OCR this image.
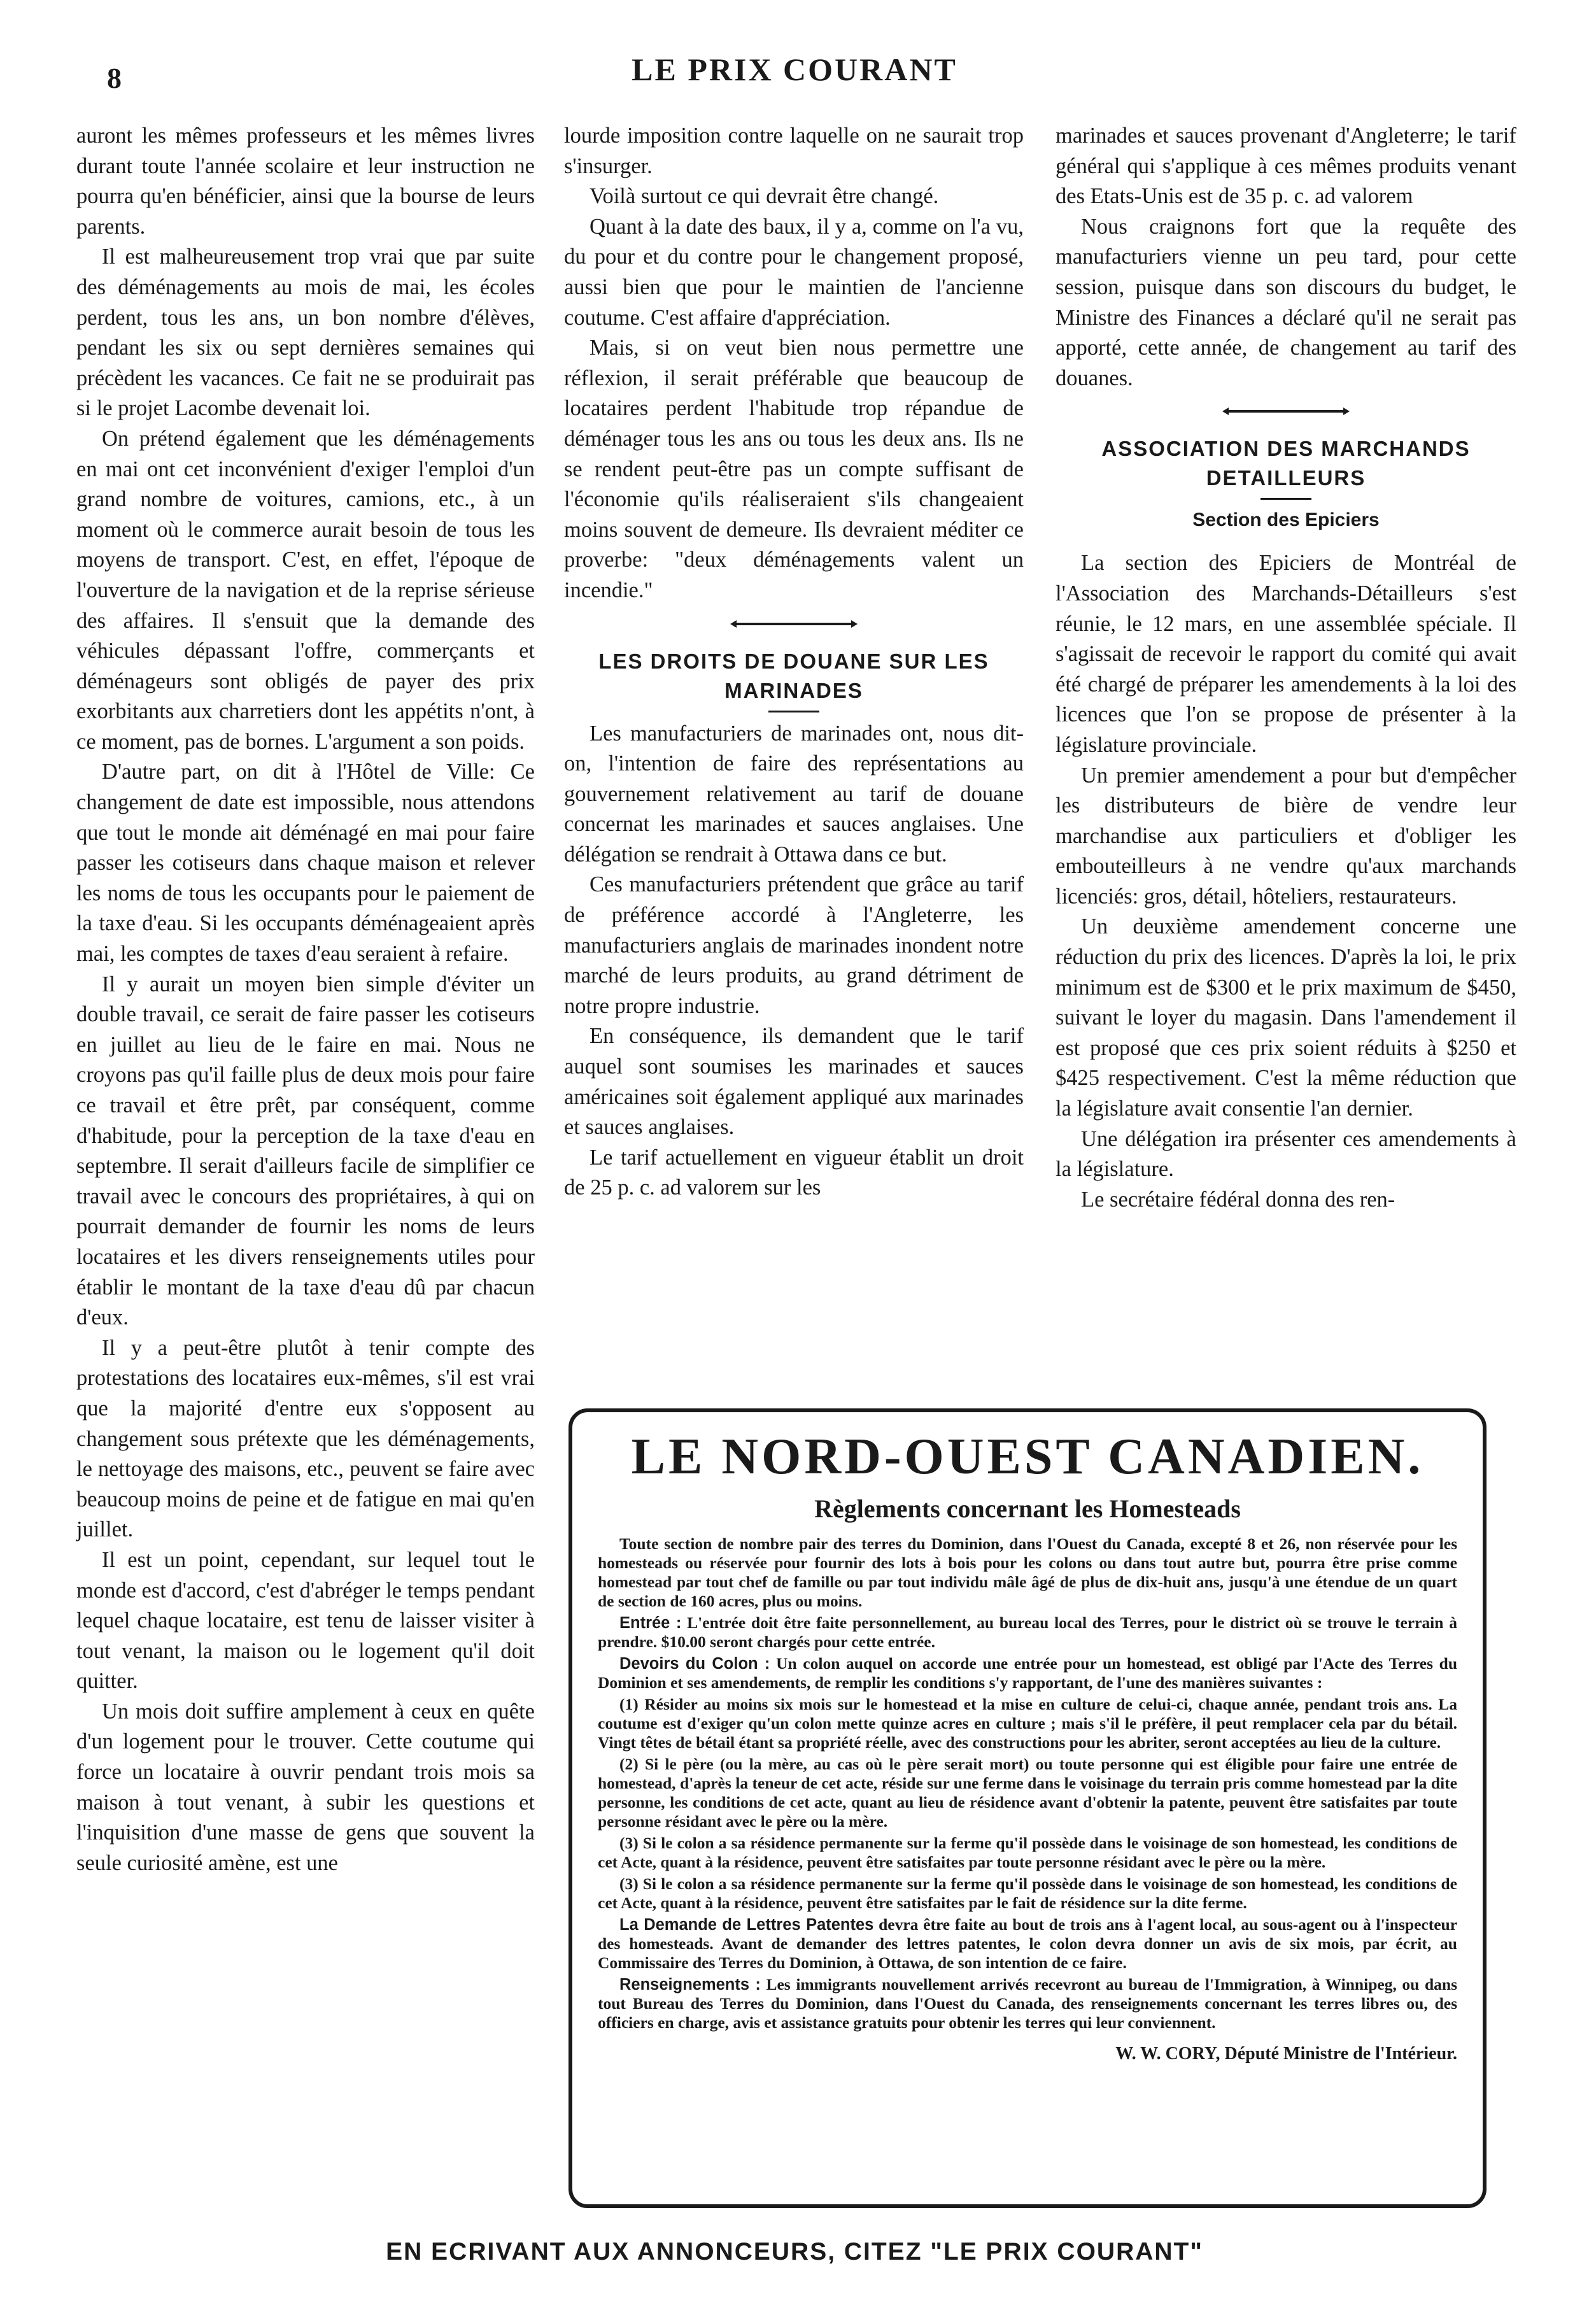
8	LE PRIX COURANT

auront les mêmes professeurs et les mêmes livres durant toute l'année scolaire et leur instruction ne pourra qu'en bénéficier, ainsi que la bourse de leurs parents.

Il est malheureusement trop vrai que par suite des déménagements au mois de mai, les écoles perdent, tous les ans, un bon nombre d'élèves, pendant les six ou sept dernières semaines qui précèdent les vacances. Ce fait ne se produirait pas si le projet Lacombe devenait loi.

On prétend également que les déménagements en mai ont cet inconvénient d'exiger l'emploi d'un grand nombre de voitures, camions, etc., à un moment où le commerce aurait besoin de tous les moyens de transport. C'est, en effet, l'époque de l'ouverture de la navigation et de la reprise sérieuse des affaires. Il s'ensuit que la demande des véhicules dépassant l'offre, commerçants et déménageurs sont obligés de payer des prix exorbitants aux charretiers dont les appétits n'ont, à ce moment, pas de bornes. L'argument a son poids.

D'autre part, on dit à l'Hôtel de Ville: Ce changement de date est impossible, nous attendons que tout le monde ait déménagé en mai pour faire passer les cotiseurs dans chaque maison et relever les noms de tous les occupants pour le paiement de la taxe d'eau. Si les occupants déménageaient après mai, les comptes de taxes d'eau seraient à refaire.

Il y aurait un moyen bien simple d'éviter un double travail, ce serait de faire passer les cotiseurs en juillet au lieu de le faire en mai. Nous ne croyons pas qu'il faille plus de deux mois pour faire ce travail et être prêt, par conséquent, comme d'habitude, pour la perception de la taxe d'eau en septembre. Il serait d'ailleurs facile de simplifier ce travail avec le concours des propriétaires, à qui on pourrait demander de fournir les noms de leurs locataires et les divers renseignements utiles pour établir le montant de la taxe d'eau dû par chacun d'eux.

Il y a peut-être plutôt à tenir compte des protestations des locataires eux-mêmes, s'il est vrai que la majorité d'entre eux s'opposent au changement sous prétexte que les déménagements, le nettoyage des maisons, etc., peuvent se faire avec beaucoup moins de peine et de fatigue en mai qu'en juillet.

Il est un point, cependant, sur lequel tout le monde est d'accord, c'est d'abréger le temps pendant lequel chaque locataire, est tenu de laisser visiter à tout venant, la maison ou le logement qu'il doit quitter.

Un mois doit suffire amplement à ceux en quête d'un logement pour le trouver. Cette coutume qui force un locataire à ouvrir pendant trois mois sa maison à tout venant, à subir les questions et l'inquisition d'une masse de gens que souvent la seule curiosité amène, est une

lourde imposition contre laquelle on ne saurait trop s'insurger.

Voilà surtout ce qui devrait être changé.

Quant à la date des baux, il y a, comme on l'a vu, du pour et du contre pour le changement proposé, aussi bien que pour le maintien de l'ancienne coutume. C'est affaire d'appréciation.

Mais, si on veut bien nous permettre une réflexion, il serait préférable que beaucoup de locataires perdent l'habitude trop répandue de déménager tous les ans ou tous les deux ans. Ils ne se rendent peut-être pas un compte suffisant de l'économie qu'ils réaliseraient s'ils changeaient moins souvent de demeure. Ils devraient méditer ce proverbe: "deux déménagements valent un incendie."

LES DROITS DE DOUANE SUR LES MARINADES

Les manufacturiers de marinades ont, nous dit-on, l'intention de faire des représentations au gouvernement relativement au tarif de douane concernat les marinades et sauces anglaises. Une délégation se rendrait à Ottawa dans ce but.

Ces manufacturiers prétendent que grâce au tarif de préférence accordé à l'Angleterre, les manufacturiers anglais de marinades inondent notre marché de leurs produits, au grand détriment de notre propre industrie.

En conséquence, ils demandent que le tarif auquel sont soumises les marinades et sauces américaines soit également appliqué aux marinades et sauces anglaises.

Le tarif actuellement en vigueur établit un droit de 25 p. c. ad valorem sur les

marinades et sauces provenant d'Angleterre; le tarif général qui s'applique à ces mêmes produits venant des Etats-Unis est de 35 p. c. ad valorem

Nous craignons fort que la requête des manufacturiers vienne un peu tard, pour cette session, puisque dans son discours du budget, le Ministre des Finances a déclaré qu'il ne serait pas apporté, cette année, de changement au tarif des douanes.

ASSOCIATION DES MARCHANDS DETAILLEURS
Section des Epiciers

La section des Epiciers de Montréal de l'Association des Marchands-Détailleurs s'est réunie, le 12 mars, en une assemblée spéciale. Il s'agissait de recevoir le rapport du comité qui avait été chargé de préparer les amendements à la loi des licences que l'on se propose de présenter à la législature provinciale.

Un premier amendement a pour but d'empêcher les distributeurs de bière de vendre leur marchandise aux particuliers et d'obliger les embouteilleurs à ne vendre qu'aux marchands licenciés: gros, détail, hôteliers, restaurateurs.

Un deuxième amendement concerne une réduction du prix des licences. D'après la loi, le prix minimum est de $300 et le prix maximum de $450, suivant le loyer du magasin. Dans l'amendement il est proposé que ces prix soient réduits à $250 et $425 respectivement. C'est la même réduction que la législature avait consentie l'an dernier.

Une délégation ira présenter ces amendements à la législature.

Le secrétaire fédéral donna des ren-

LE NORD-OUEST CANADIEN.
Règlements concernant les Homesteads

Toute section de nombre pair des terres du Dominion, dans l'Ouest du Canada, excepté 8 et 26, non réservée pour les homesteads ou réservée pour fournir des lots à bois pour les colons ou dans tout autre but, pourra être prise comme homestead par tout chef de famille ou par tout individu mâle âgé de plus de dix-huit ans, jusqu'à une étendue de un quart de section de 160 acres, plus ou moins.

Entrée : L'entrée doit être faite personnellement, au bureau local des Terres, pour le district où se trouve le terrain à prendre. $10.00 seront chargés pour cette entrée.

Devoirs du Colon : Un colon auquel on accorde une entrée pour un homestead, est obligé par l'Acte des Terres du Dominion et ses amendements, de remplir les conditions s'y rapportant, de l'une des manières suivantes :

(1) Résider au moins six mois sur le homestead et la mise en culture de celui-ci, chaque année, pendant trois ans. La coutume est d'exiger qu'un colon mette quinze acres en culture ; mais s'il le préfère, il peut remplacer cela par du bétail. Vingt têtes de bétail étant sa propriété réelle, avec des constructions pour les abriter, seront acceptées au lieu de la culture.

(2) Si le père (ou la mère, au cas où le père serait mort) ou toute personne qui est éligible pour faire une entrée de homestead, d'après la teneur de cet acte, réside sur une ferme dans le voisinage du terrain pris comme homestead par la dite personne, les conditions de cet acte, quant au lieu de résidence avant d'obtenir la patente, peuvent être satisfaites par toute personne résidant avec le père ou la mère.

(3) Si le colon a sa résidence permanente sur la ferme qu'il possède dans le voisinage de son homestead, les conditions de cet Acte, quant à la résidence, peuvent être satisfaites par toute personne résidant avec le père ou la mère.

(3) Si le colon a sa résidence permanente sur la ferme qu'il possède dans le voisinage de son homestead, les conditions de cet Acte, quant à la résidence, peuvent être satisfaites par le fait de résidence sur la dite ferme.

La Demande de Lettres Patentes devra être faite au bout de trois ans à l'agent local, au sous-agent ou à l'inspecteur des homesteads. Avant de demander des lettres patentes, le colon devra donner un avis de six mois, par écrit, au Commissaire des Terres du Dominion, à Ottawa, de son intention de ce faire.

Renseignements : Les immigrants nouvellement arrivés recevront au bureau de l'Immigration, à Winnipeg, ou dans tout Bureau des Terres du Dominion, dans l'Ouest du Canada, des renseignements concernant les terres libres ou, des officiers en charge, avis et assistance gratuits pour obtenir les terres qui leur conviennent.

W. W. CORY, Député Ministre de l'Intérieur.
EN ECRIVANT AUX ANNONCEURS, CITEZ "LE PRIX COURANT"
